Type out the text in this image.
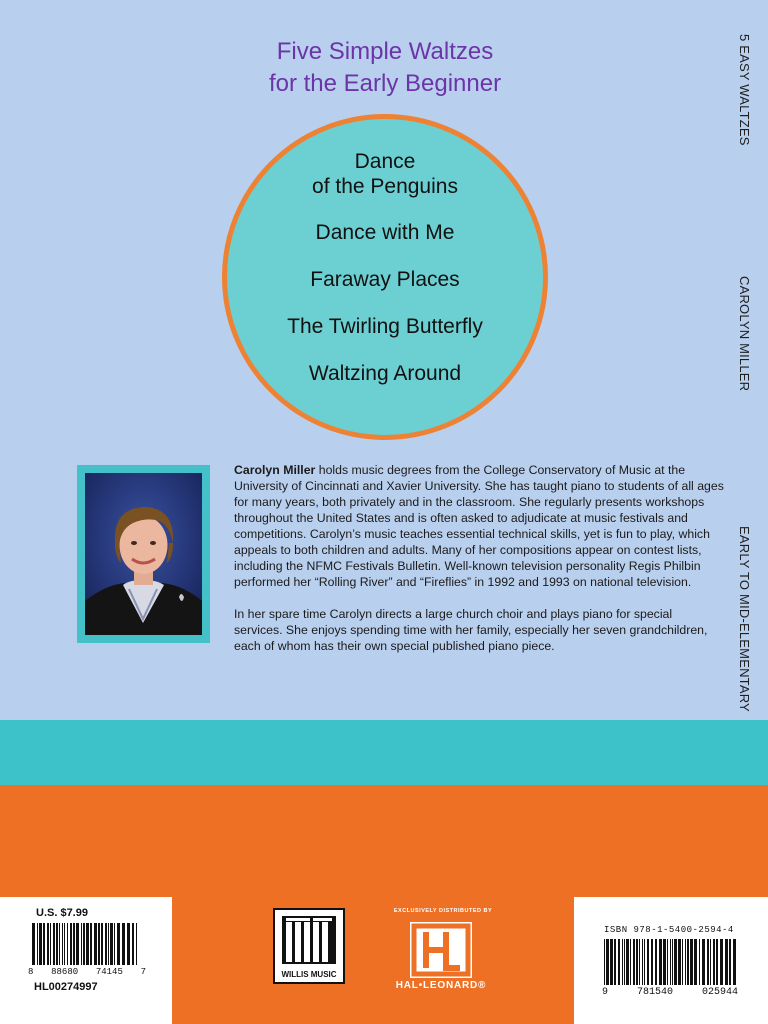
Five Simple Waltzes
for the Early Beginner	5 EASY WALTZES
CAROLYN MILLER
EARLY TO MID-ELEMENTARY
Dance
of the Penguins
Dance with Me
Faraway Places
The Twirling Butterfly
Waltzing Around

Carolyn Miller holds music degrees from the College Conservatory of Music at the University of Cincinnati and Xavier University. She has taught piano to students of all ages for many years, both privately and in the classroom. She regularly presents workshops throughout the United States and is often asked to adjudicate at music festivals and competitions. Carolyn’s music teaches essential technical skills, yet is fun to play, which appeals to both children and adults. Many of her compositions appear on contest lists, including the NFMC Festivals Bulletin. Well-known television personality Regis Philbin performed her “Rolling River” and “Fireflies” in 1992 and 1993 on national television.

In her spare time Carolyn directs a large church choir and plays piano for special services. She enjoys spending time with her family, especially her seven grandchildren, each of whom has their own special published piano piece.

U.S. $7.99
8 88680 74145 7
HL00274997
WILLIS MUSIC
EXCLUSIVELY DISTRIBUTED BY
HAL•LEONARD®
ISBN 978-1-5400-2594-4
9	781540	025944
